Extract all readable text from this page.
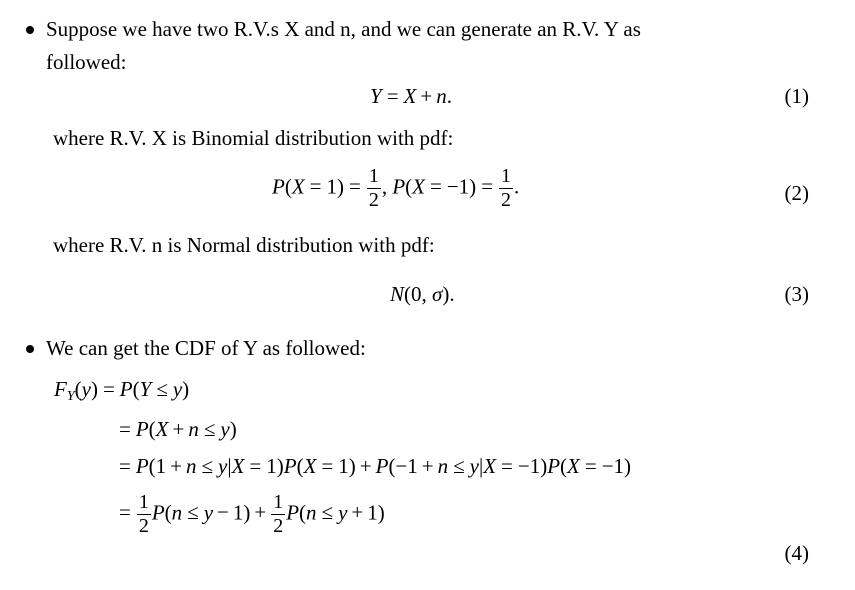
Suppose we have two R.V.s X and n, and we can generate an R.V. Y as
followed:
Y = X + n.	(1)
where R.V. X is Binomial distribution with pdf:
$P(X = 1) = \frac{1}{2}$ , $P(X = -1) = \frac{1}{2}$ .	(2)
where R.V. n is Normal distribution with pdf:
N(0, σ).	(3)
We can get the CDF of Y as followed:
$F_Y(y) = P(Y \le y)$
= P(X + n ≤ y)
= P(1 + n ≤ y|X = 1)P(X = 1) + P(−1 + n ≤ y|X = −1)P(X = −1)
= $\frac{1}{2} P(n \le y - 1) + \frac{1}{2} P(n \le y + 1)$
(4)
